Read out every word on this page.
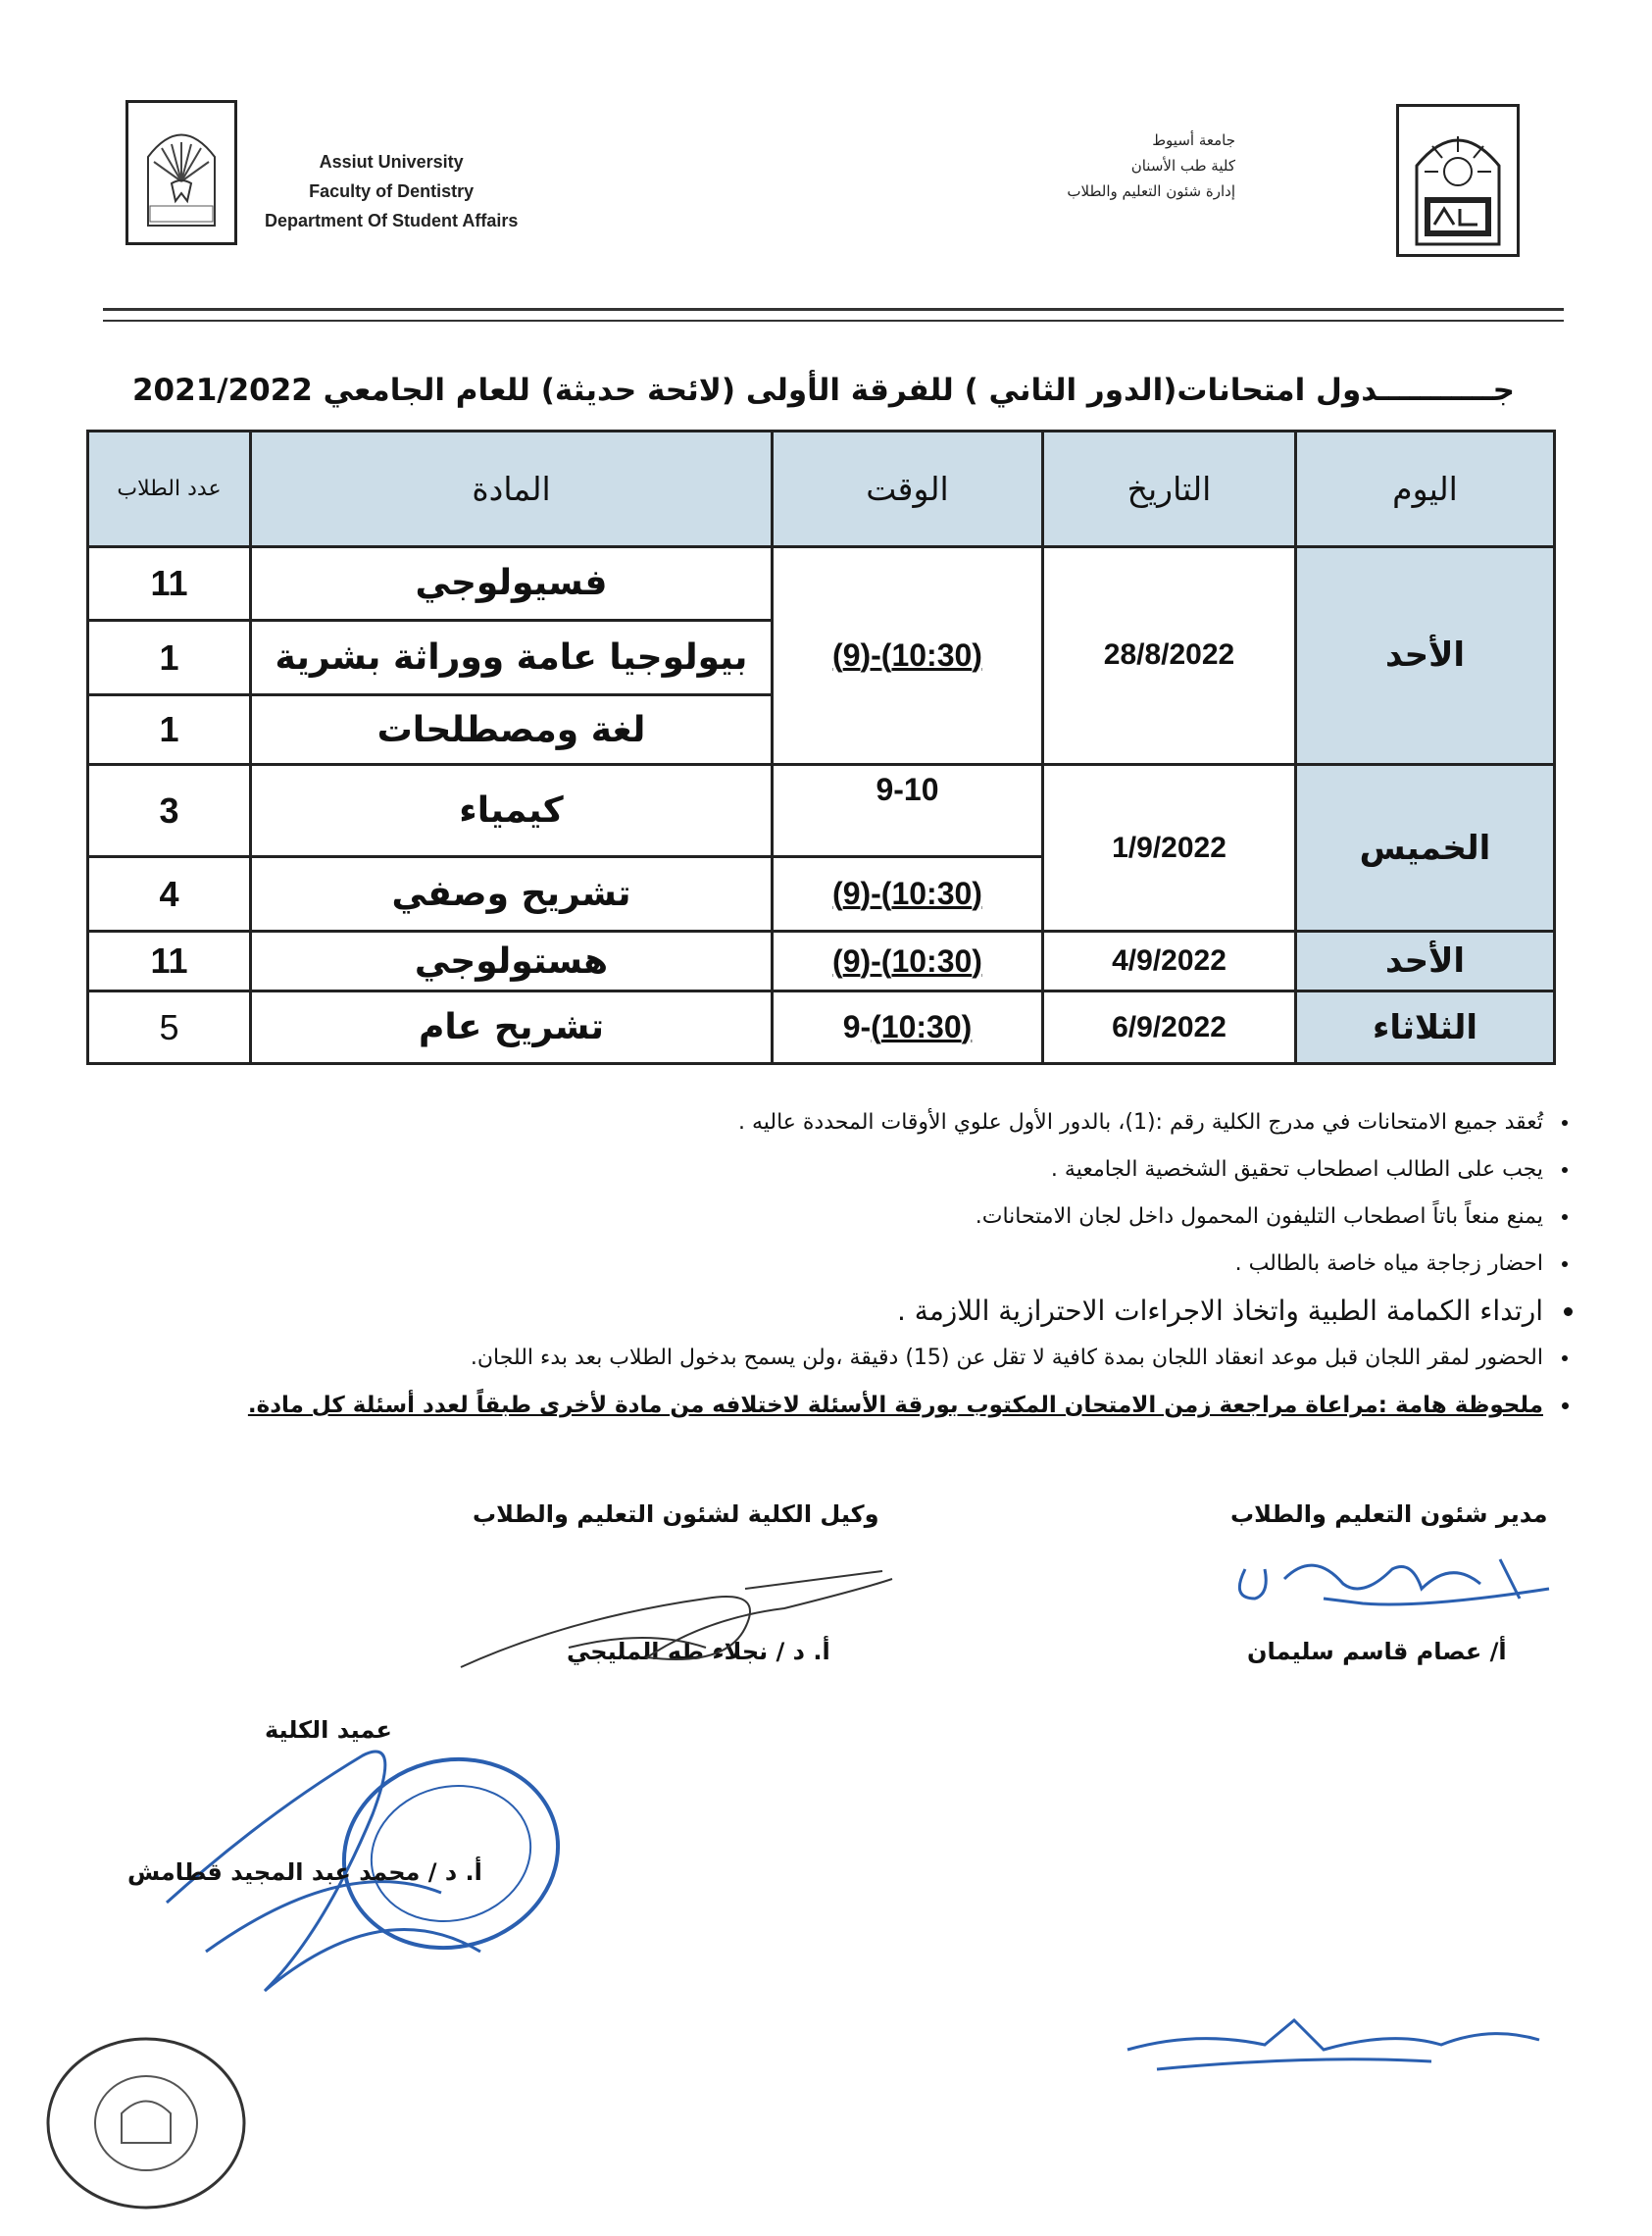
Assiut University
Faculty of Dentistry
Department Of Student Affairs
جامعة أسيوط
كلية طب الأسنان
إدارة شئون التعليم والطلاب
جـــــــــــدول امتحانات(الدور الثاني ) للفرقة الأولى (لائحة حديثة) للعام الجامعي 2021/2022
اليوم	التاريخ	الوقت	المادة	عدد الطلاب
الأحد	28/8/2022	(10:30)-(9)	فسيولوجي	11
			بيولوجيا عامة ووراثة بشرية	1
			لغة ومصطلحات	1
الخميس	1/9/2022	9-10	كيمياء	3
		(10:30)-(9)	تشريح وصفي	4
الأحد	4/9/2022	(10:30)-(9)	هستولوجي	11
الثلاثاء	6/9/2022	(10:30)-9	تشريح عام	5
• تُعقد جميع الامتحانات في مدرج الكلية رقم :(1)، بالدور الأول علوي الأوقات المحددة عاليه .
• يجب على الطالب اصطحاب تحقيق الشخصية الجامعية .
• يمنع منعاً باتاً اصطحاب التليفون المحمول داخل لجان الامتحانات.
• احضار زجاجة مياه خاصة بالطالب .
• ارتداء الكمامة الطبية واتخاذ الاجراءات الاحترازية اللازمة .
• الحضور لمقر اللجان قبل موعد انعقاد اللجان بمدة كافية لا تقل عن (15) دقيقة ،ولن يسمح بدخول الطلاب بعد بدء اللجان.
• ملحوظة هامة :مراعاة مراجعة زمن الامتحان المكتوب بورقة الأسئلة لاختلافه من مادة لأخرى طبقاً لعدد أسئلة كل مادة.
مدير شئون التعليم والطلاب
وكيل الكلية لشئون التعليم والطلاب
أ/ عصام قاسم سليمان
أ. د / نجلاء طه المليجي
عميد الكلية
أ. د / محمد عبد المجيد قطامش
